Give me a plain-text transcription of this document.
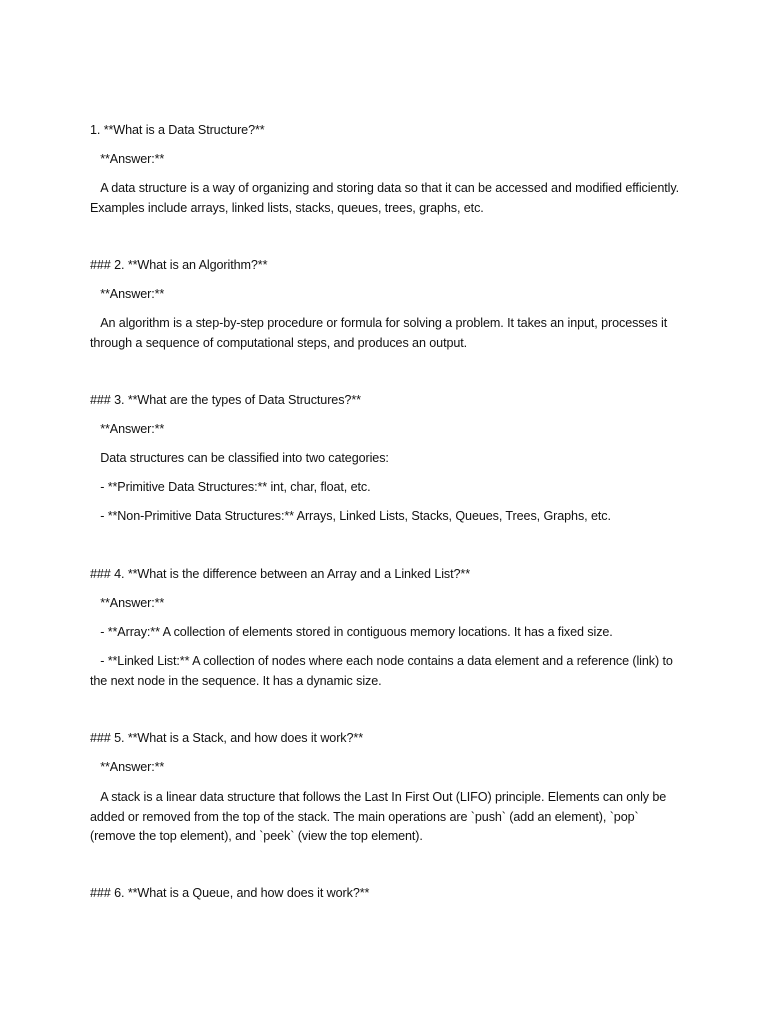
1. **What is a Data Structure?**

**Answer:**

A data structure is a way of organizing and storing data so that it can be accessed and modified efficiently. Examples include arrays, linked lists, stacks, queues, trees, graphs, etc.

### 2. **What is an Algorithm?**

**Answer:**

An algorithm is a step-by-step procedure or formula for solving a problem. It takes an input, processes it through a sequence of computational steps, and produces an output.

### 3. **What are the types of Data Structures?**

**Answer:**

Data structures can be classified into two categories:

- **Primitive Data Structures:** int, char, float, etc.

- **Non-Primitive Data Structures:** Arrays, Linked Lists, Stacks, Queues, Trees, Graphs, etc.

### 4. **What is the difference between an Array and a Linked List?**

**Answer:**

- **Array:** A collection of elements stored in contiguous memory locations. It has a fixed size.

- **Linked List:** A collection of nodes where each node contains a data element and a reference (link) to the next node in the sequence. It has a dynamic size.

### 5. **What is a Stack, and how does it work?**

**Answer:**

A stack is a linear data structure that follows the Last In First Out (LIFO) principle. Elements can only be added or removed from the top of the stack. The main operations are `push` (add an element), `pop` (remove the top element), and `peek` (view the top element).

### 6. **What is a Queue, and how does it work?**
